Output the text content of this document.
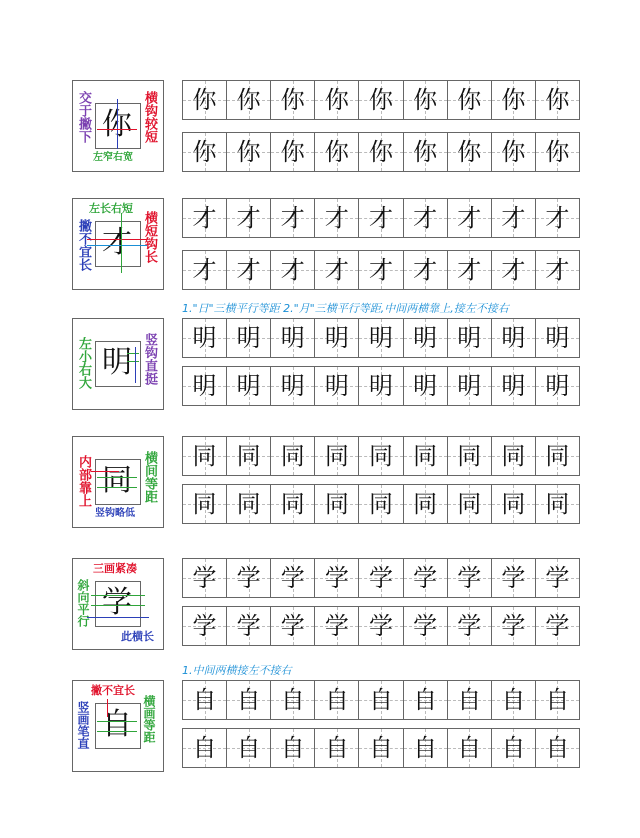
你
交于撇下	横钩较短
左窄右宽
你 你 你 你 你 你 你 你 你
你 你 你 你 你 你 你 你 你
才
左长右短
撇不宜长	横短钩长	才 才 才 才 才 才 才 才 才
才 才 才 才 才 才 才 才 才
1."日"三横平行等距 2."月"三横平行等距,中间两横靠上,接左不接右
明
左小右大	竖钩直挺	明 明 明 明 明 明 明 明 明
明 明 明 明 明 明 明 明 明
同
内部靠上	横间等距
竖钩略低
同 同 同 同 同 同 同 同 同
同 同 同 同 同 同 同 同 同
学
三画紧凑
斜向平行
此横长
学 学 学 学 学 学 学 学 学
学 学 学 学 学 学 学 学 学
1.中间两横接左不接右
自
撇不宜长
竖画笔直	横画等距	自 自 自 自 自 自 自 自 自
自 自 自 自 自 自 自 自 自
